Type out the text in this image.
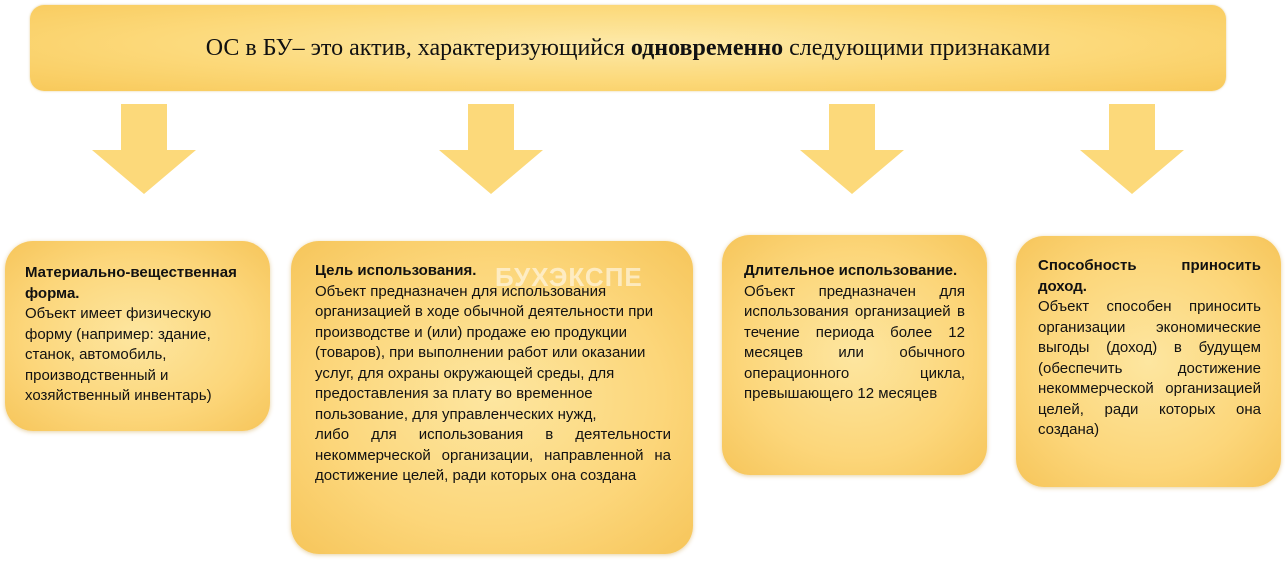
ОС в БУ– это актив, характеризующийся одновременно следующими признаками
Материально-вещественная форма.
Объект имеет физическую форму (например: здание, станок, автомобиль, производственный и хозяйственный инвентарь)
Цель использования.
Объект предназначен для использования организацией в ходе обычной деятельности при производстве и (или) продаже ею продукции (товаров), при выполнении работ или оказании услуг, для охраны окружающей среды, для предоставления за плату во временное пользование, для управленческих нужд,
либо для использования в деятельности некоммерческой организации, направленной на достижение целей, ради которых она создана
БУХЭКСПЕ	Длительное использование.
Объект предназначен для использования организацией в течение периода более 12 месяцев или обычного операционного цикла, превышающего 12 месяцев
Способность приносить доход.
Объект способен приносить организации экономические выгоды (доход) в будущем (обеспечить достижение некоммерческой организацией целей, ради которых она создана)
